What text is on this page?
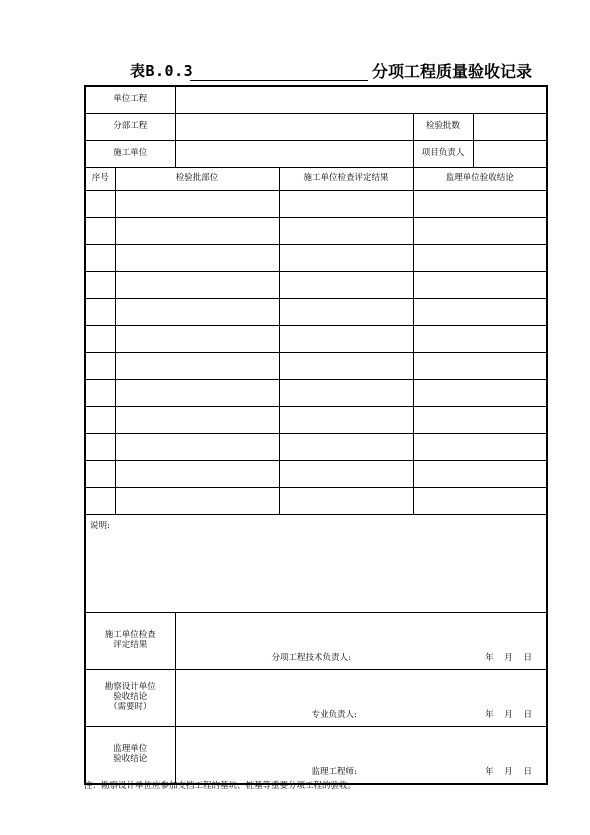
表B.0.3	分项工程质量验收记录
单位工程					
分部工程				检验批数	
施工单位				项目负责人	
序号	检验批部位		施工单位检查评定结果	监理单位验收结论	

说明:					
施工单位检查
评定结果		分项工程技术负责人: 年 月 日			

勘察设计单位
验收结论
（需要时）		专业负责人: 年 月 日			

监理单位
验收结论		监理工程师: 年 月 日			
注：勘察设计单位应参加支挡工程的基坑、桩基等重要分项工程的验收。
